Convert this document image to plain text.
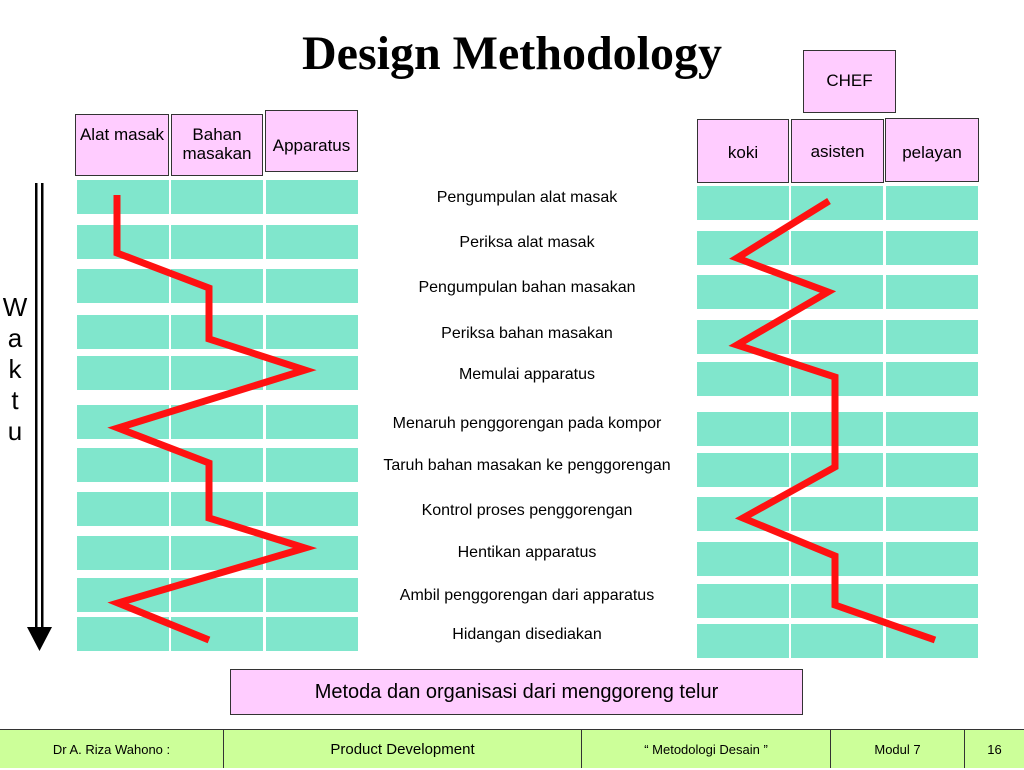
Design Methodology
Alat masak	Bahan masakan	Apparatus
CHEF
koki	asisten	pelayan
Pengumpulan alat masak
Periksa alat masak
Pengumpulan bahan masakan
Periksa bahan masakan
Memulai apparatus
Menaruh penggorengan pada kompor
Taruh bahan masakan ke penggorengan
Kontrol proses penggorengan
Hentikan apparatus
Ambil penggorengan dari apparatus
Hidangan disediakan
W
a
k
t
u
Metoda dan organisasi dari menggoreng telur
Dr A. Riza Wahono :	Product Development	“ Metodologi Desain ”	Modul 7	16
